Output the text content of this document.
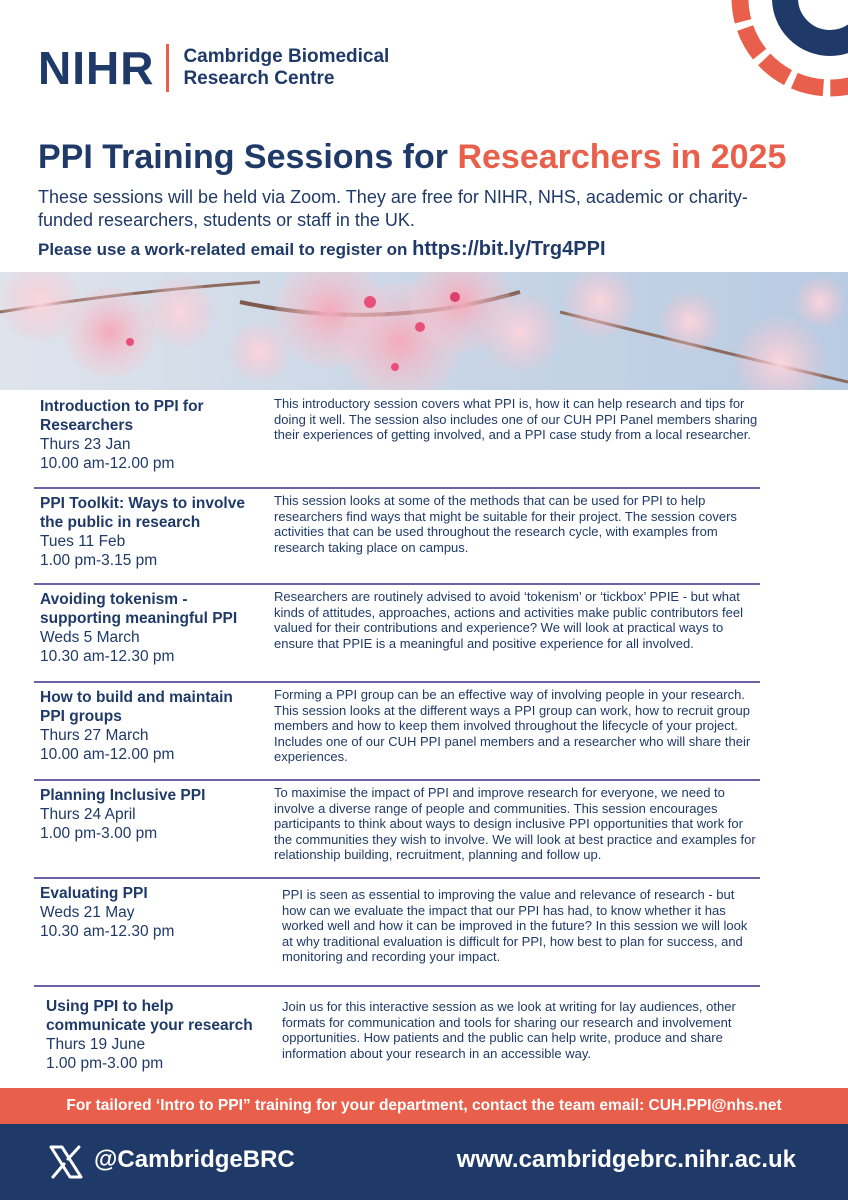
NIHR Cambridge Biomedical
Research Centre
PPI Training Sessions for Researchers in 2025

These sessions will be held via Zoom. They are free for NIHR, NHS, academic or charity-funded researchers, students or staff in the UK.

Please use a work-related email to register on https://bit.ly/Trg4PPI
Introduction to PPI for Researchers
Thurs 23 Jan
10.00 am-12.00 pm
This introductory session covers what PPI is, how it can help research and tips for doing it well. The session also includes one of our CUH PPI Panel members sharing their experiences of getting involved, and a PPI case study from a local researcher.
PPI Toolkit: Ways to involve the public in research
Tues 11 Feb
1.00 pm-3.15 pm
This session looks at some of the methods that can be used for PPI to help researchers find ways that might be suitable for their project. The session covers activities that can be used throughout the research cycle, with examples from research taking place on campus.
Avoiding tokenism - supporting meaningful PPI
Weds 5 March
10.30 am-12.30 pm
Researchers are routinely advised to avoid ‘tokenism’ or ‘tickbox’ PPIE - but what kinds of attitudes, approaches, actions and activities make public contributors feel valued for their contributions and experience? We will look at practical ways to ensure that PPIE is a meaningful and positive experience for all involved.
How to build and maintain PPI groups
Thurs 27 March
10.00 am-12.00 pm
Forming a PPI group can be an effective way of involving people in your research. This session looks at the different ways a PPI group can work, how to recruit group members and how to keep them involved throughout the lifecycle of your project. Includes one of our CUH PPI panel members and a researcher who will share their experiences.
Planning Inclusive PPI
Thurs 24 April
1.00 pm-3.00 pm
To maximise the impact of PPI and improve research for everyone, we need to involve a diverse range of people and communities. This session encourages participants to think about ways to design inclusive PPI opportunities that work for the communities they wish to involve. We will look at best practice and examples for relationship building, recruitment, planning and follow up.
Evaluating PPI
Weds 21 May
10.30 am-12.30 pm
PPI is seen as essential to improving the value and relevance of research - but how can we evaluate the impact that our PPI has had, to know whether it has worked well and how it can be improved in the future? In this session we will look at why traditional evaluation is difficult for PPI, how best to plan for success, and monitoring and recording your impact.
Using PPI to help communicate your research
Thurs 19 June
1.00 pm-3.00 pm
Join us for this interactive session as we look at writing for lay audiences, other formats for communication and tools for sharing our research and involvement opportunities. How patients and the public can help write, produce and share information about your research in an accessible way.
For tailored ‘Intro to PPI” training for your department, contact the team email: CUH.PPI@nhs.net
@CambridgeBRC	www.cambridgebrc.nihr.ac.uk
